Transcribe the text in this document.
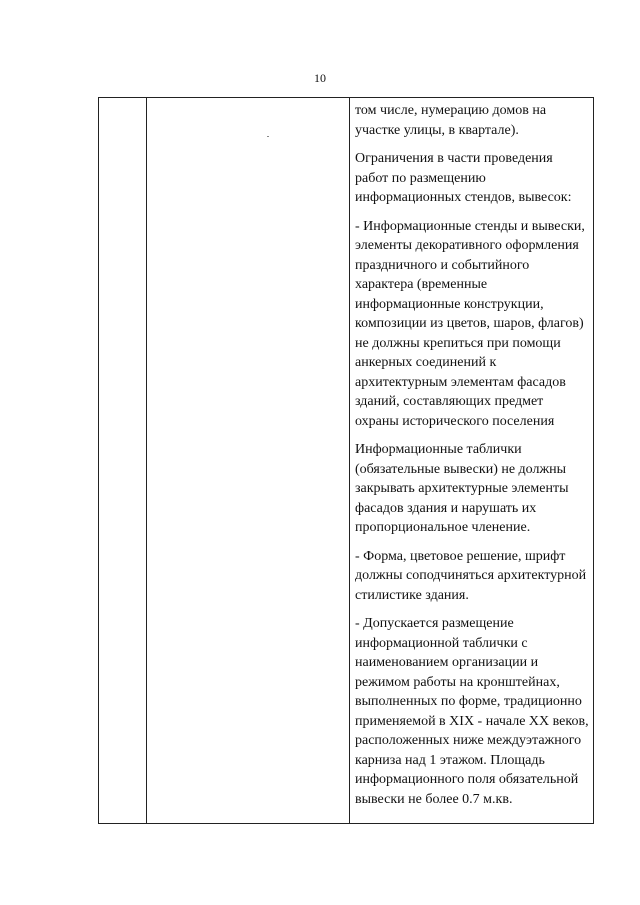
10

том числе, нумерацию домов на участке улицы, в квартале).

Ограничения в части проведения работ по размещению информационных стендов, вывесок:

- Информационные стенды и вывески, элементы декоративного оформления праздничного и событийного характера (временные информационные конструкции, композиции из цветов, шаров, флагов) не должны крепиться при помощи анкерных соединений к архитектурным элементам фасадов зданий, составляющих предмет охраны исторического поселения

Информационные таблички (обязательные вывески) не должны закрывать архитектурные элементы фасадов здания и нарушать их пропорциональное членение.

- Форма, цветовое решение, шрифт должны соподчиняться архитектурной стилистике здания.

- Допускается размещение информационной таблички с наименованием организации и режимом работы на кронштейнах, выполненных по форме, традиционно применяемой в XIX - начале XX веков, расположенных ниже междуэтажного карниза над 1 этажом. Площадь информационного поля обязательной вывески не более 0.7 м.кв.
